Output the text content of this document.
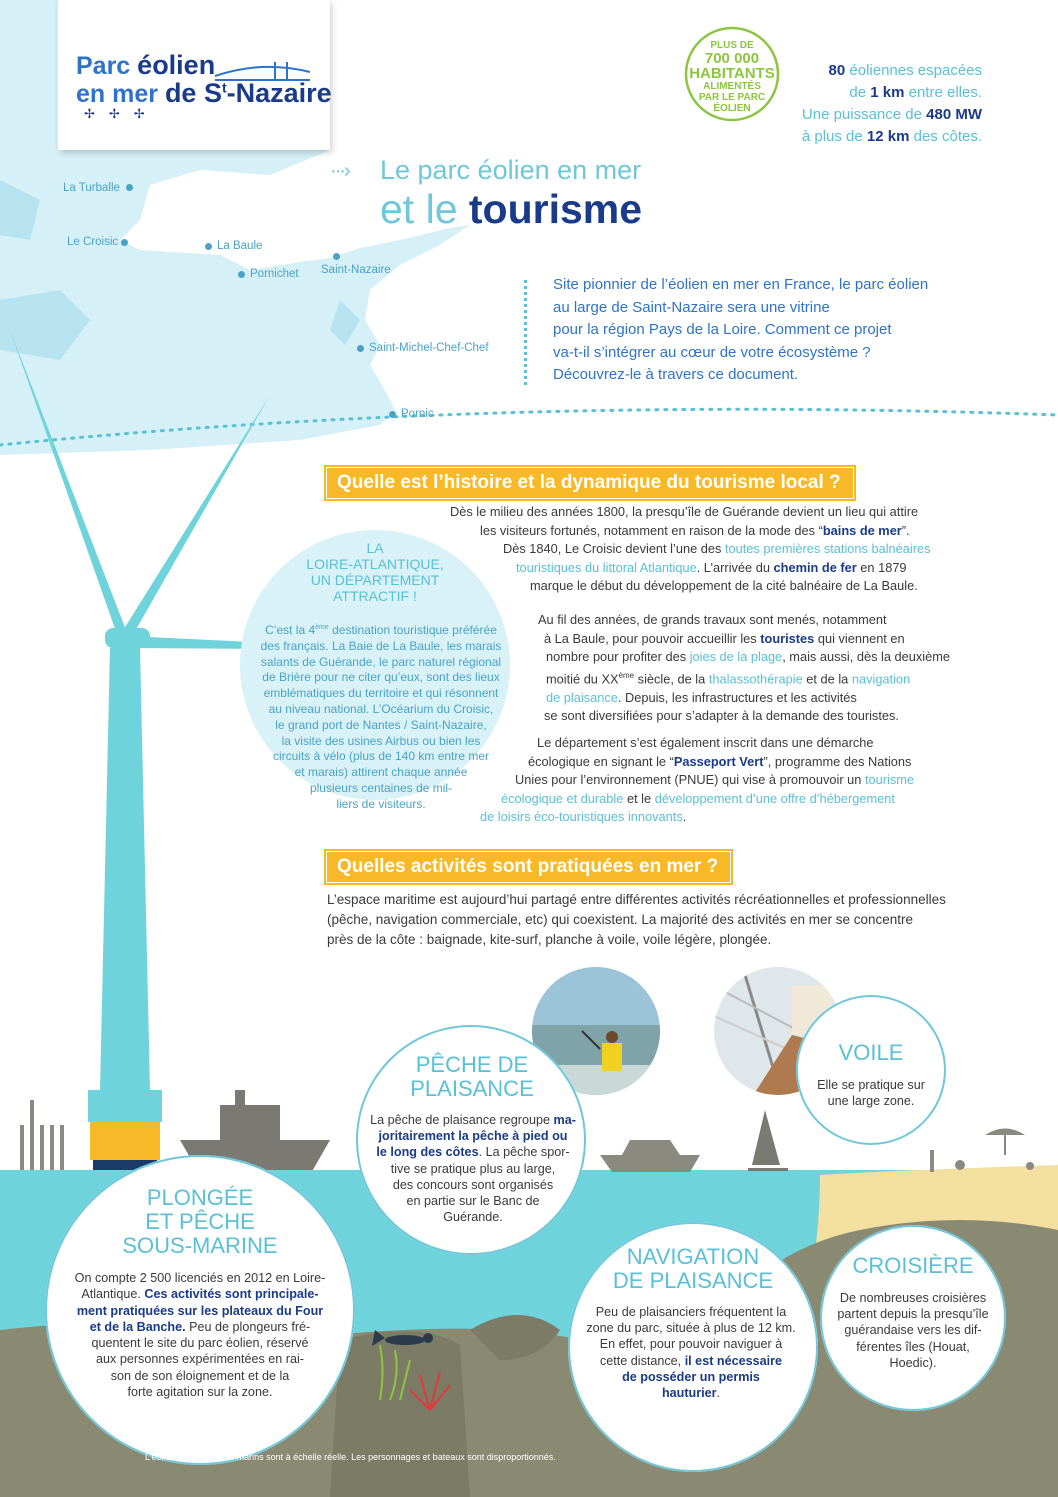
Parc éolien
en mer de $S^t$-Nazaire
✢✢✢
La Turballe
Le Croisic	La Baule
Pornichet Saint-Nazaire
Saint-Michel-Chef-Chef
Pornic
PLUS DE
700 000
HABITANTS
ALIMENTÉS
PAR LE PARC
ÉOLIEN
80 éoliennes espacées
de 1 km entre elles.
Une puissance de 480 MW
à plus de 12 km des côtes.
···› Le parc éolien en mer
et le tourisme
Site pionnier de l’éolien en mer en France, le parc éolien
au large de Saint-Nazaire sera une vitrine
pour la région Pays de la Loire. Comment ce projet
va-t-il s’intégrer au cœur de votre écosystème ?
Découvrez-le à travers ce document.
Quelle est l’histoire et la dynamique du tourisme local ?
Dès le milieu des années 1800, la presqu’île de Guérande devient un lieu qui attire
les visiteurs fortunés, notamment en raison de la mode des “bains de mer”.
Dès 1840, Le Croisic devient l’une des toutes premières stations balnéaires
touristiques du littoral Atlantique. L’arrivée du chemin de fer en 1879
marque le début du développement de la cité balnéaire de La Baule.
Au fil des années, de grands travaux sont menés, notamment
à La Baule, pour pouvoir accueillir les touristes qui viennent en
nombre pour profiter des joies de la plage, mais aussi, dès la deuxième
moitié du XXème siècle, de la thalassothérapie et de la navigation
de plaisance. Depuis, les infrastructures et les activités
se sont diversifiées pour s’adapter à la demande des touristes.
Le département s’est également inscrit dans une démarche
écologique en signant le “Passeport Vert”, programme des Nations
Unies pour l’environnement (PNUE) qui vise à promouvoir un tourisme
écologique et durable et le développement d’une offre d’hébergement
de loisirs éco-touristiques innovants.
LA
LOIRE-ATLANTIQUE,
UN DÉPARTEMENT
ATTRACTIF !
C’est la 4ème destination touristique préférée
des français. La Baie de La Baule, les marais
salants de Guérande, le parc naturel régional
de Brière pour ne citer qu’eux, sont des lieux
emblématiques du territoire et qui résonnent
au niveau national. L’Océarium du Croisic,
le grand port de Nantes / Saint-Nazaire,
la visite des usines Airbus ou bien les
circuits à vélo (plus de 140 km entre mer
et marais) attirent chaque année
plusieurs centaines de mil-
liers de visiteurs.
Quelles activités sont pratiquées en mer ?
L’espace maritime est aujourd’hui partagé entre différentes activités récréationnelles et professionnelles
(pêche, navigation commerciale, etc) qui coexistent. La majorité des activités en mer se concentre
près de la côte : baignade, kite-surf, planche à voile, voile légère, plongée.
PÊCHE DE
PLAISANCE
La pêche de plaisance regroupe ma-
joritairement la pêche à pied ou
le long des côtes. La pêche spor-
tive se pratique plus au large,
des concours sont organisés
en partie sur le Banc de
Guérande.
VOILE
Elle se pratique sur
une large zone.
PLONGÉE
ET PÊCHE
SOUS-MARINE
On compte 2 500 licenciés en 2012 en Loire-
Atlantique. Ces activités sont principale-
ment pratiquées sur les plateaux du Four
et de la Banche. Peu de plongeurs fré-
quentent le site du parc éolien, réservé
aux personnes expérimentées en rai-
son de son éloignement et de la
forte agitation sur la zone.
NAVIGATION
DE PLAISANCE
Peu de plaisanciers fréquentent la
zone du parc, située à plus de 12 km.
En effet, pour pouvoir naviguer à
cette distance, il est nécessaire
de posséder un permis
hauturier.
CROISIÈRE
De nombreuses croisières
partent depuis la presqu’île
guérandaise vers les dif-
férentes îles (Houat,
Hoedic).
L’éolienne et les fonds marins sont à échelle réelle. Les personnages et bateaux sont disproportionnés.
